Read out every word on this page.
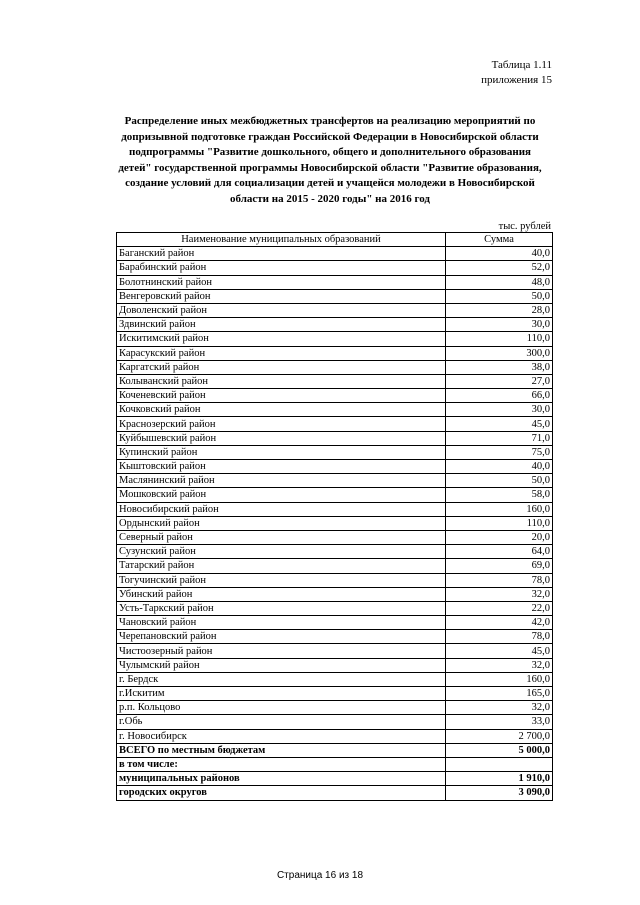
Таблица 1.11
приложения 15
Распределение иных межбюджетных трансфертов на реализацию мероприятий по
допризывной подготовке граждан Российской Федерации в Новосибирской области
подпрограммы "Развитие дошкольного, общего и дополнительного образования
детей" государственной программы Новосибирской области "Развитие образования,
создание условий для социализации детей и учащейся молодежи в Новосибирской
области на 2015 - 2020 годы" на 2016 год
тыс. рублей
Наименование муниципальных образований	Сумма
Баганский район	40,0
Барабинский район	52,0
Болотнинский район	48,0
Венгеровский район	50,0
Доволенский район	28,0
Здвинский район	30,0
Искитимский район	110,0
Карасукский район	300,0
Каргатский район	38,0
Колыванский район	27,0
Коченевский район	66,0
Кочковский район	30,0
Краснозерский район	45,0
Куйбышевский район	71,0
Купинский район	75,0
Кыштовский район	40,0
Маслянинский район	50,0
Мошковский район	58,0
Новосибирский район	160,0
Ордынский район	110,0
Северный район	20,0
Сузунский район	64,0
Татарский район	69,0
Тогучинский район	78,0
Убинский район	32,0
Усть-Таркский район	22,0
Чановский район	42,0
Черепановский район	78,0
Чистоозерный район	45,0
Чулымский район	32,0
г. Бердск	160,0
г.Искитим	165,0
р.п. Кольцово	32,0
г.Обь	33,0
г. Новосибирск	2 700,0
ВСЕГО по местным бюджетам	5 000,0
в том числе:	
муниципальных районов	1 910,0
городских округов	3 090,0
Страница 16 из 18
